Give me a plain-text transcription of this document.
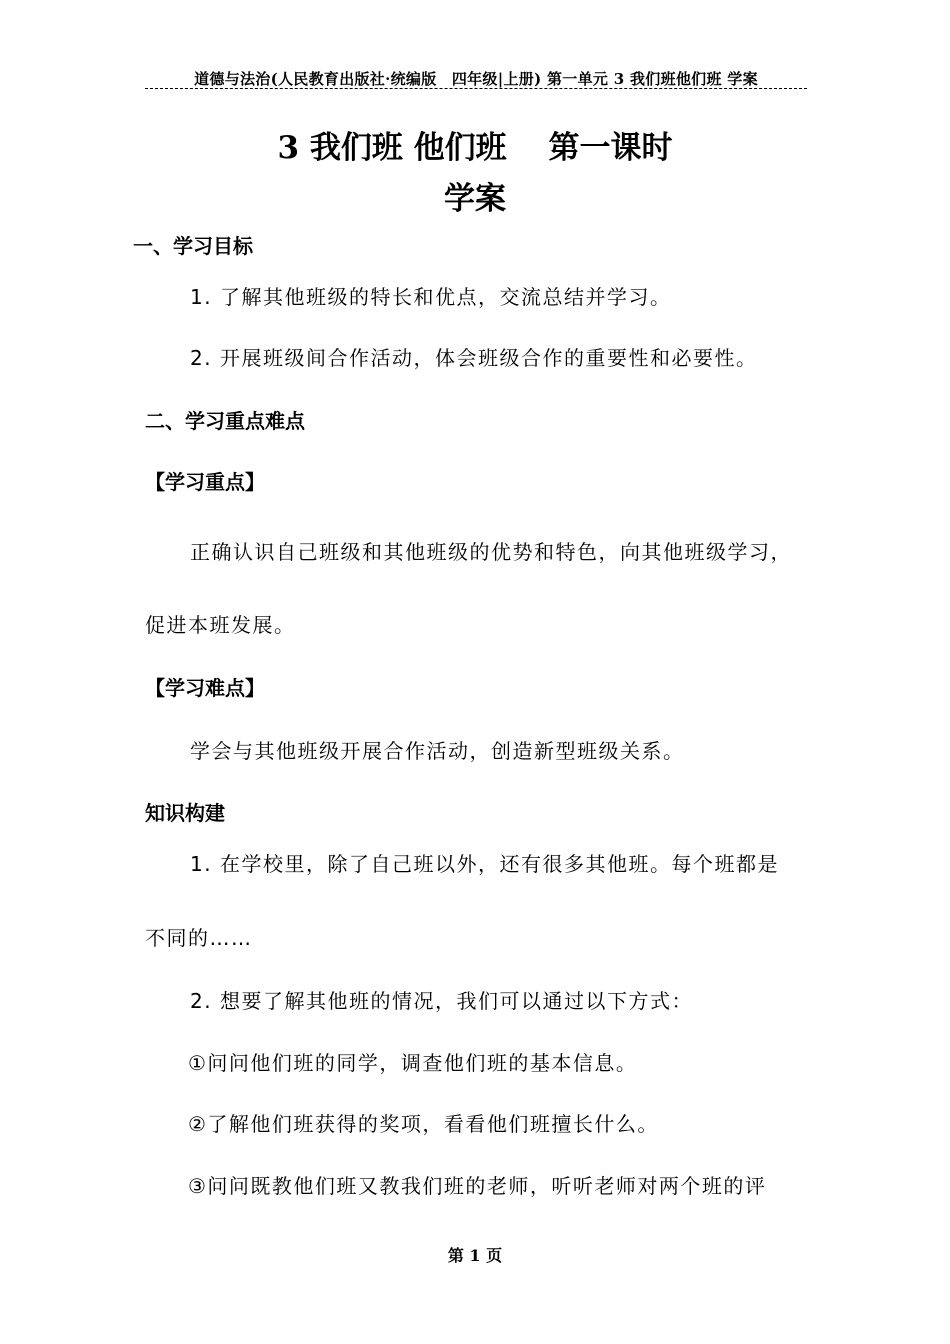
道德与法治(人民教育出版社·统编版　四年级|上册) 第一单元 3 我们班他们班 学案
3 我们班 他们班　 第一课时
学案
一、学习目标
1. 了解其他班级的特长和优点，交流总结并学习。
2. 开展班级间合作活动，体会班级合作的重要性和必要性。
二、学习重点难点
【学习重点】
正确认识自己班级和其他班级的优势和特色，向其他班级学习，
促进本班发展。
【学习难点】
学会与其他班级开展合作活动，创造新型班级关系。
知识构建
1. 在学校里，除了自己班以外，还有很多其他班。每个班都是
不同的……
2. 想要了解其他班的情况，我们可以通过以下方式：
①问问他们班的同学，调查他们班的基本信息。
②了解他们班获得的奖项，看看他们班擅长什么。
③问问既教他们班又教我们班的老师，听听老师对两个班的评
第 1 页
